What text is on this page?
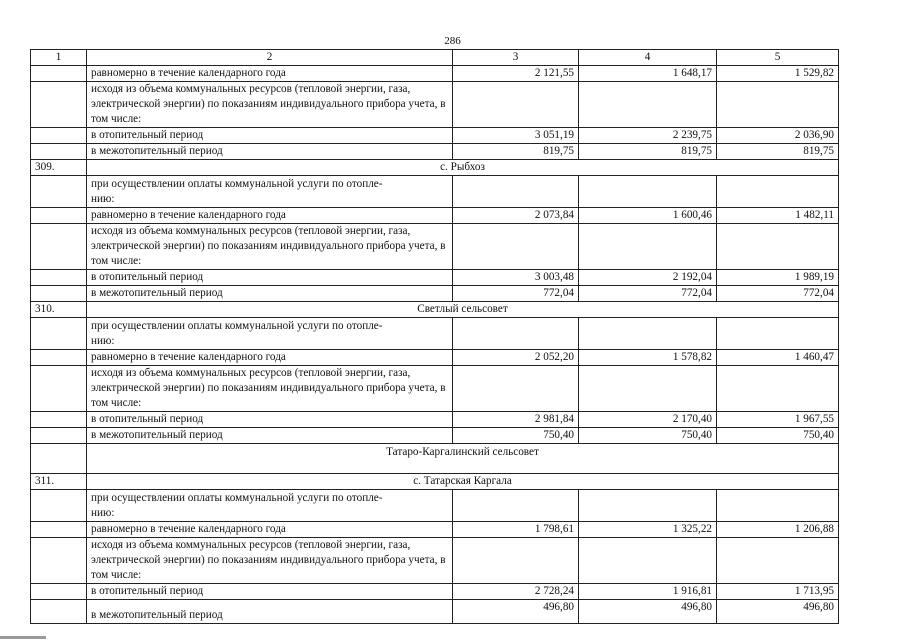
286
1	2	3	4	5
	равномерно в течение календарного года	2 121,55	1 648,17	1 529,82
	исходя из объема коммунальных ресурсов (тепловой энергии, газа, электрической энергии) по показаниям индивидуального прибора учета, в том числе:			
	в отопительный период	3 051,19	2 239,75	2 036,90
	в межотопительный период	819,75	819,75	819,75
309.	с. Рыбхоз			
	при осуществлении оплаты коммунальной услуги по отопле-
нию:			
	равномерно в течение календарного года	2 073,84	1 600,46	1 482,11
	исходя из объема коммунальных ресурсов (тепловой энергии, газа, электрической энергии) по показаниям индивидуального прибора учета, в том числе:			
	в отопительный период	3 003,48	2 192,04	1 989,19
	в межотопительный период	772,04	772,04	772,04
310.	Светлый сельсовет			
	при осуществлении оплаты коммунальной услуги по отопле-
нию:			
	равномерно в течение календарного года	2 052,20	1 578,82	1 460,47
	исходя из объема коммунальных ресурсов (тепловой энергии, газа, электрической энергии) по показаниям индивидуального прибора учета, в том числе:			
	в отопительный период	2 981,84	2 170,40	1 967,55
	в межотопительный период	750,40	750,40	750,40
	Татаро-Каргалинский сельсовет			
311.	с. Татарская Каргала			
	при осуществлении оплаты коммунальной услуги по отопле-
нию:			
	равномерно в течение календарного года	1 798,61	1 325,22	1 206,88
	исходя из объема коммунальных ресурсов (тепловой энергии, газа, электрической энергии) по показаниям индивидуального прибора учета, в том числе:			
	в отопительный период	2 728,24	1 916,81	1 713,95
	в межотопительный период	496,80	496,80	496,80
